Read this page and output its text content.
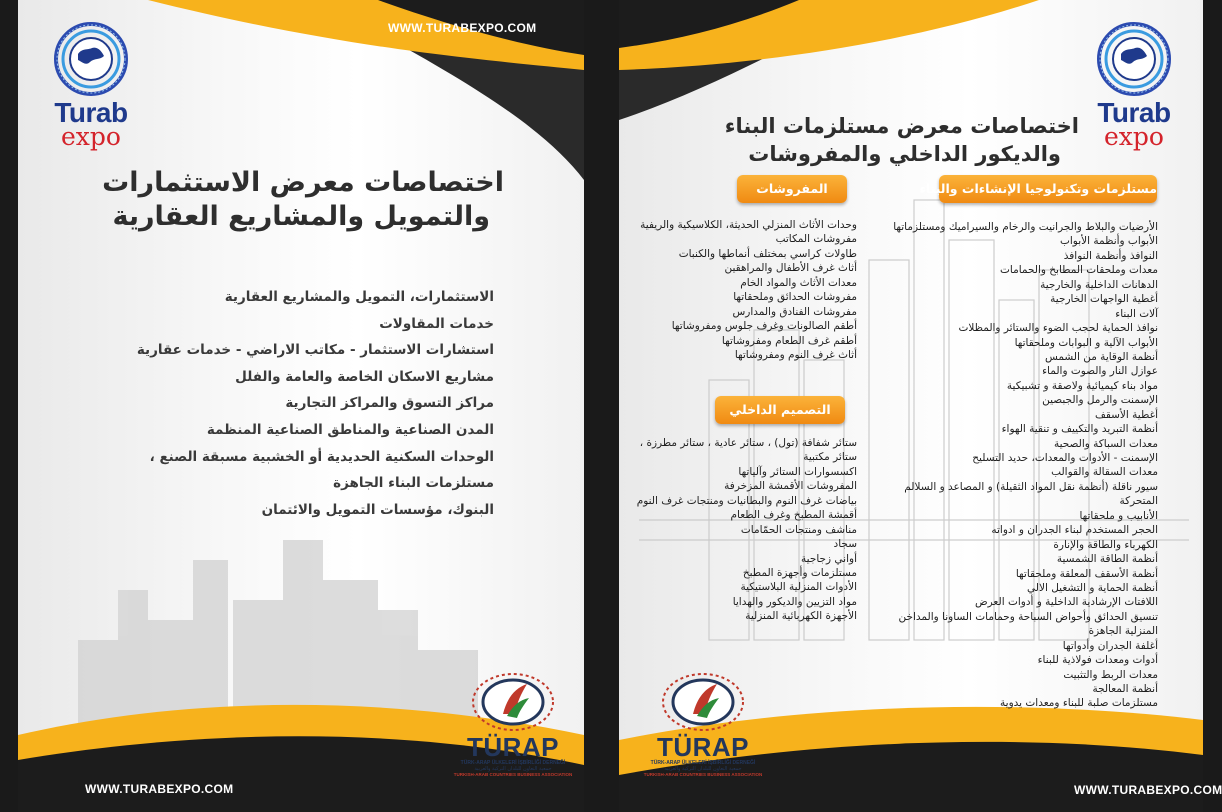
WWW.TURABEXPO.COM
Turab
expo
اختصاصات معرض الاستثمارات
والتمويل والمشاريع العقارية
الاستثمارات، التمويل والمشاريع العقارية
خدمات المقاولات
استشارات الاستثمار - مكاتب الاراضي - خدمات عقارية
مشاريع الاسكان الخاصة والعامة والفلل
مراكز التسوق والمراكز التجارية
المدن الصناعية والمناطق الصناعية المنظمة
الوحدات السكنية الحديدية أو الخشبية مسبقة الصنع ،
مستلزمات البناء الجاهزة
البنوك، مؤسسات التمويل والائتمان
TÜRAP
TÜRK-ARAP ÜLKELERİ İŞBİRLİĞİ DERNEĞİ
جمعية التعاون للبلدان التركية والعربية
TURKISH-ARAB COUNTRIES BUSINESS ASSOCIATION
WWW.TURABEXPO.COM
Turab
expo
اختصاصات معرض مستلزمات البناء
والديكور الداخلي والمفروشات
مستلزمات وتكنولوجيا الإنشاءات والبناء
المفروشات
التصميم الداخلي
الأرضيات والبلاط والجرانيت والرخام والسيراميك ومستلزماتها
الأبواب وأنظمة الأبواب
النوافذ وأنظمة النوافذ
معدات وملحقات المطابخ والحمامات
الدهانات الداخلية والخارجية
أغطية الواجهات الخارجية
آلات البناء
نوافذ الحماية لحجب الضوء والستائر والمظلات
الأبواب الآلية و البوابات وملحقاتها
أنظمة الوقاية من الشمس
عوازل النار والصوت والماء
مواد بناء كيميائية ولاصقة و تشبيكية
الإسمنت والرمل والجبصين
أغطية الأسقف
أنظمة التبريد والتكييف و تنقية الهواء
معدات السباكة والصحية
الإسمنت - الأدوات والمعدات، حديد التسليح
معدات السقالة والقوالب
سيور ناقلة (أنظمة نقل المواد الثقيلة) و المصاعد و السلالم
المتحركة
الأنابيب و ملحقاتها
الحجر المستخدم لبناء الجدران و ادواته
الكهرباء والطاقة والإنارة
أنظمة الطاقة الشمسية
أنظمة الأسقف المعلقة وملحقاتها
أنظمة الحماية و التشغيل الالي
اللافتات الإرشادية الداخلية و أدوات العرض
تنسيق الحدائق وأحواض السباحة وحمامات الساونا والمداخن
المنزلية الجاهزة
أغلفة الجدران وأدواتها
أدوات ومعدات فولاذية للبناء
معدات الربط والتثبيت
أنظمة المعالجة
مستلزمات صلبة للبناء ومعدات يدوية
وحدات الأثاث المنزلي الحديثة، الكلاسيكية والريفية
مفروشات المكاتب
طاولات كراسي بمختلف أنماطها والكنبات
أثاث غرف الأطفال والمراهقين
معدات الأثاث والمواد الخام
مفروشات الحدائق وملحقاتها
مفروشات الفنادق والمدارس
أطقم الصالونات وغرف جلوس ومفروشاتها
أطقم غرف الطعام ومفروشاتها
أثاث غرف النوم ومفروشاتها
ستائر شفافة (تول) ، ستائر عادية ، ستائر مطرزة ،
ستائر مكتبية
اكسسوارات الستائر وآلياتها
المفروشات الأقمشة المزخرفة
بياضات غرف النوم والبطانيات ومنتجات غرف النوم
أقمشة المطبخ وغرف الطعام
مناشف ومنتجات الحمّامات
سجاد
أواني زجاجية
مستلزمات وأجهزة المطبخ
الأدوات المنزلية البلاستيكية
مواد التزيين والديكور والهدايا
الأجهزة الكهربائية المنزلية
TÜRAP
TÜRK-ARAP ÜLKELERİ İŞBİRLİĞİ DERNEĞİ
جمعية التعاون للبلدان التركية والعربية
TURKISH-ARAB COUNTRIES BUSINESS ASSOCIATION
WWW.TURABEXPO.COM
